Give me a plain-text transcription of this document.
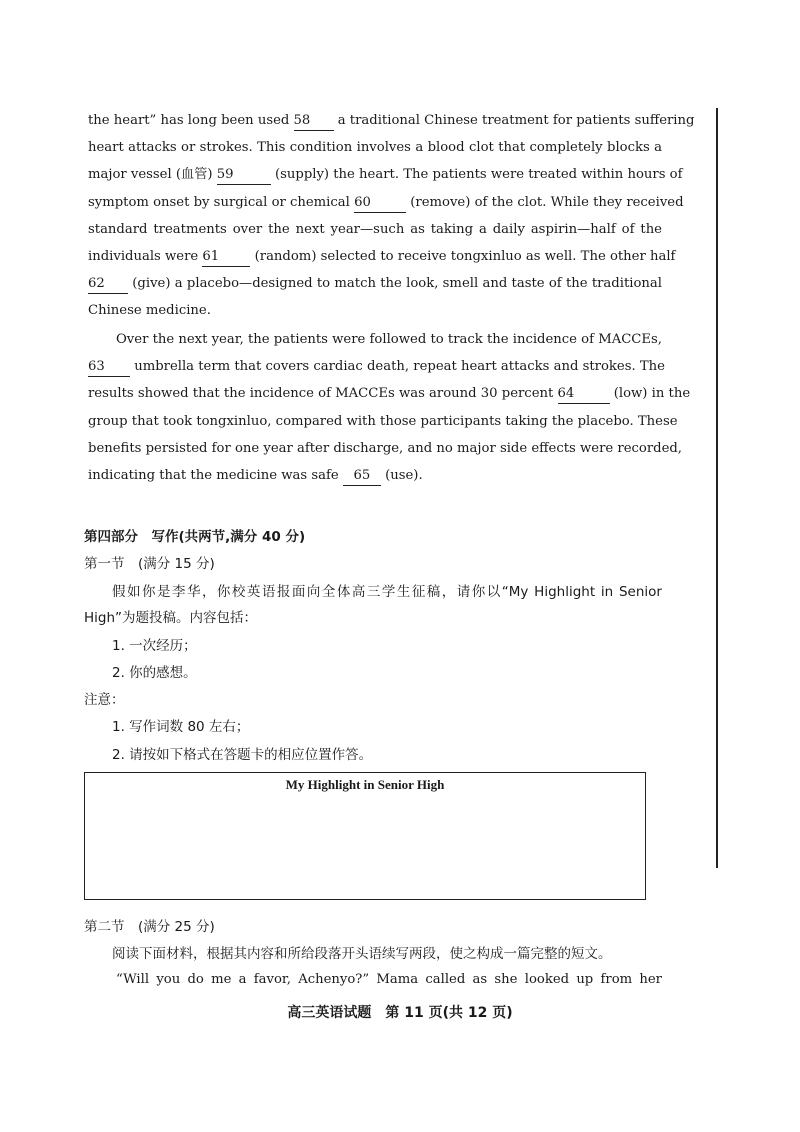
the heart” has long been used 58 a traditional Chinese treatment for patients suffering
heart attacks or strokes. This condition involves a blood clot that completely blocks a
major vessel (血管) 59	(supply) the heart. The patients were treated within hours of
symptom onset by surgical or chemical 60	(remove) of the clot. While they received
standard treatments over the next year—such as taking a daily aspirin—half of the
individuals were 61	(random) selected to receive tongxinluo as well. The other half
62 (give) a placebo—designed to match the look, smell and taste of the traditional
Chinese medicine.
Over the next year, the patients were followed to track the incidence of MACCEs,
63 umbrella term that covers cardiac death, repeat heart attacks and strokes. The
results showed that the incidence of MACCEs was around 30 percent 64	(low) in the
group that took tongxinluo, compared with those participants taking the placebo. These
benefits persisted for one year after discharge, and no major side effects were recorded,
indicating that the medicine was safe 65 (use).
第四部分　写作(共两节,满分 40 分)
第一节　(满分 15 分)
假如你是李华，你校英语报面向全体高三学生征稿，请你以“My Highlight in Senior
High”为题投稿。内容包括：
1. 一次经历；
2. 你的感想。
注意：
1. 写作词数 80 左右；
2. 请按如下格式在答题卡的相应位置作答。
My Highlight in Senior High
第二节　(满分 25 分)
阅读下面材料，根据其内容和所给段落开头语续写两段，使之构成一篇完整的短文。
“Will you do me a favor, Achenyo?” Mama called as she looked up from her
高三英语试题　第 11 页(共 12 页)
